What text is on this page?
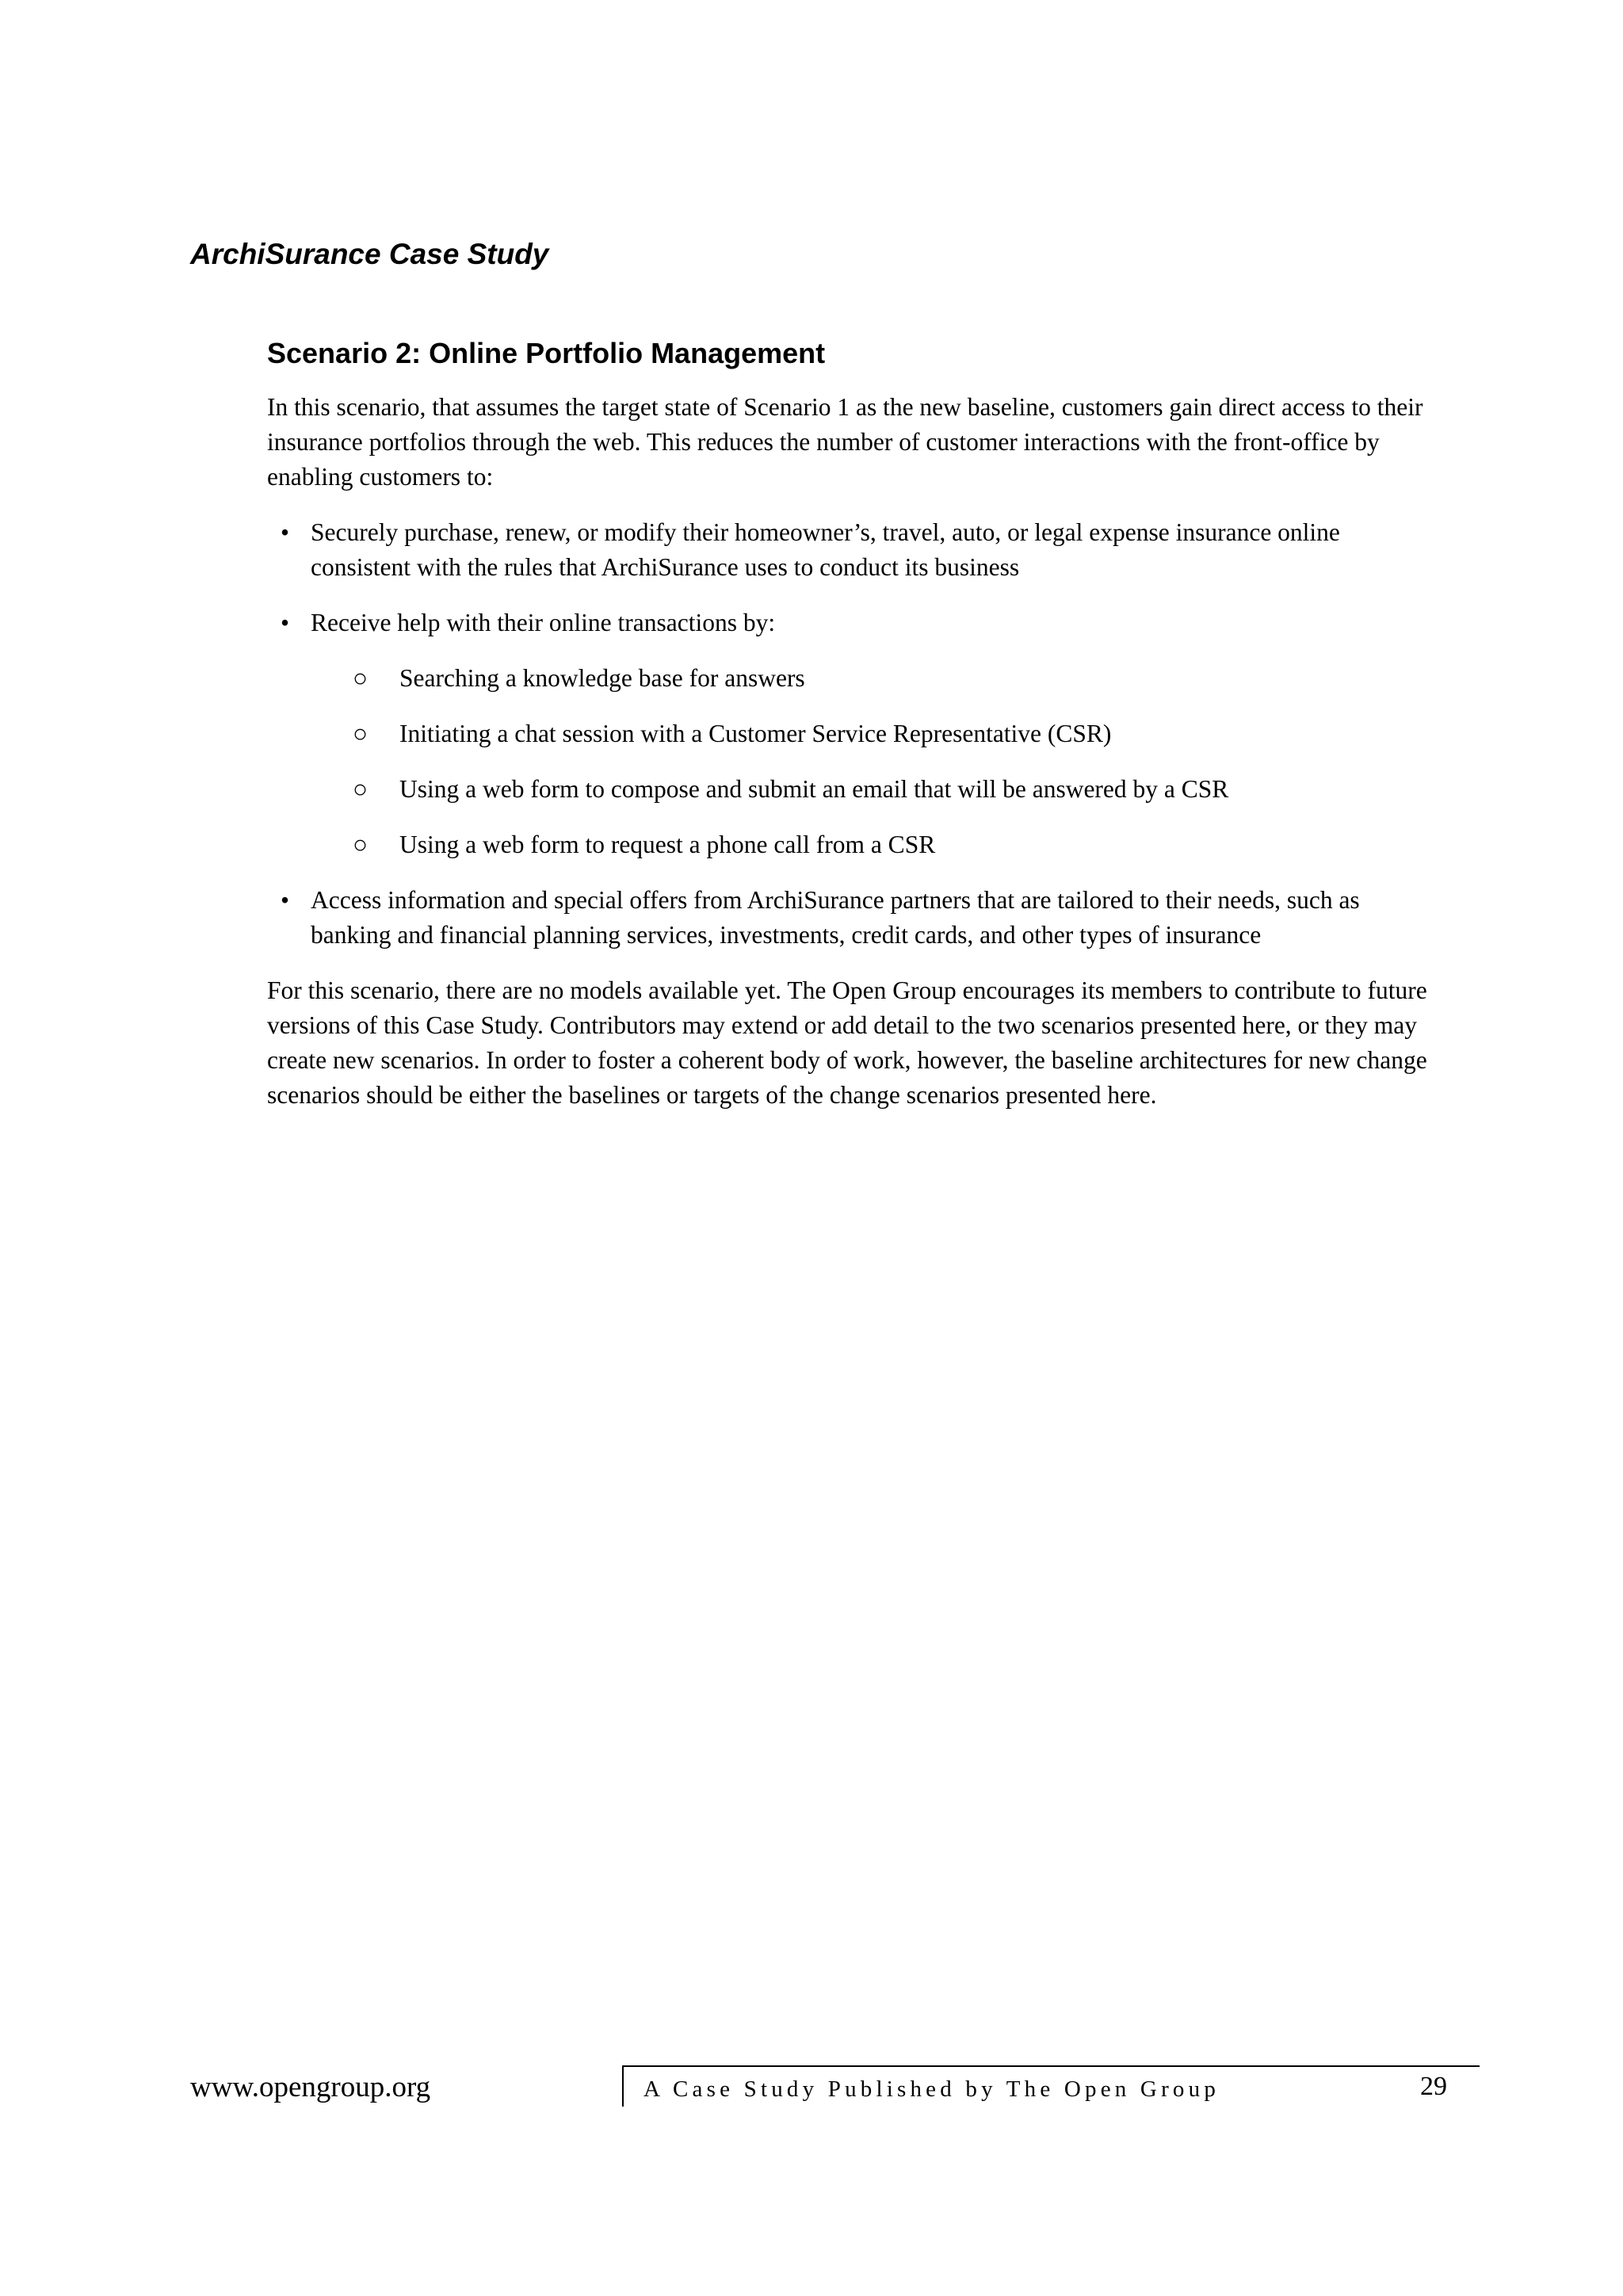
ArchiSurance Case Study
Scenario 2: Online Portfolio Management

In this scenario, that assumes the target state of Scenario 1 as the new baseline, customers gain direct access to their insurance portfolios through the web. This reduces the number of customer interactions with the front-office by enabling customers to:

• Securely purchase, renew, or modify their homeowner’s, travel, auto, or legal expense insurance online consistent with the rules that ArchiSurance uses to conduct its business
• Receive help with their online transactions by:
○ Searching a knowledge base for answers
○ Initiating a chat session with a Customer Service Representative (CSR)
○ Using a web form to compose and submit an email that will be answered by a CSR
○ Using a web form to request a phone call from a CSR
• Access information and special offers from ArchiSurance partners that are tailored to their needs, such as banking and financial planning services, investments, credit cards, and other types of insurance

For this scenario, there are no models available yet. The Open Group encourages its members to contribute to future versions of this Case Study. Contributors may extend or add detail to the two scenarios presented here, or they may create new scenarios. In order to foster a coherent body of work, however, the baseline architectures for new change scenarios should be either the baselines or targets of the change scenarios presented here.

www.opengroup.org	A Case Study Published by The Open Group	29
